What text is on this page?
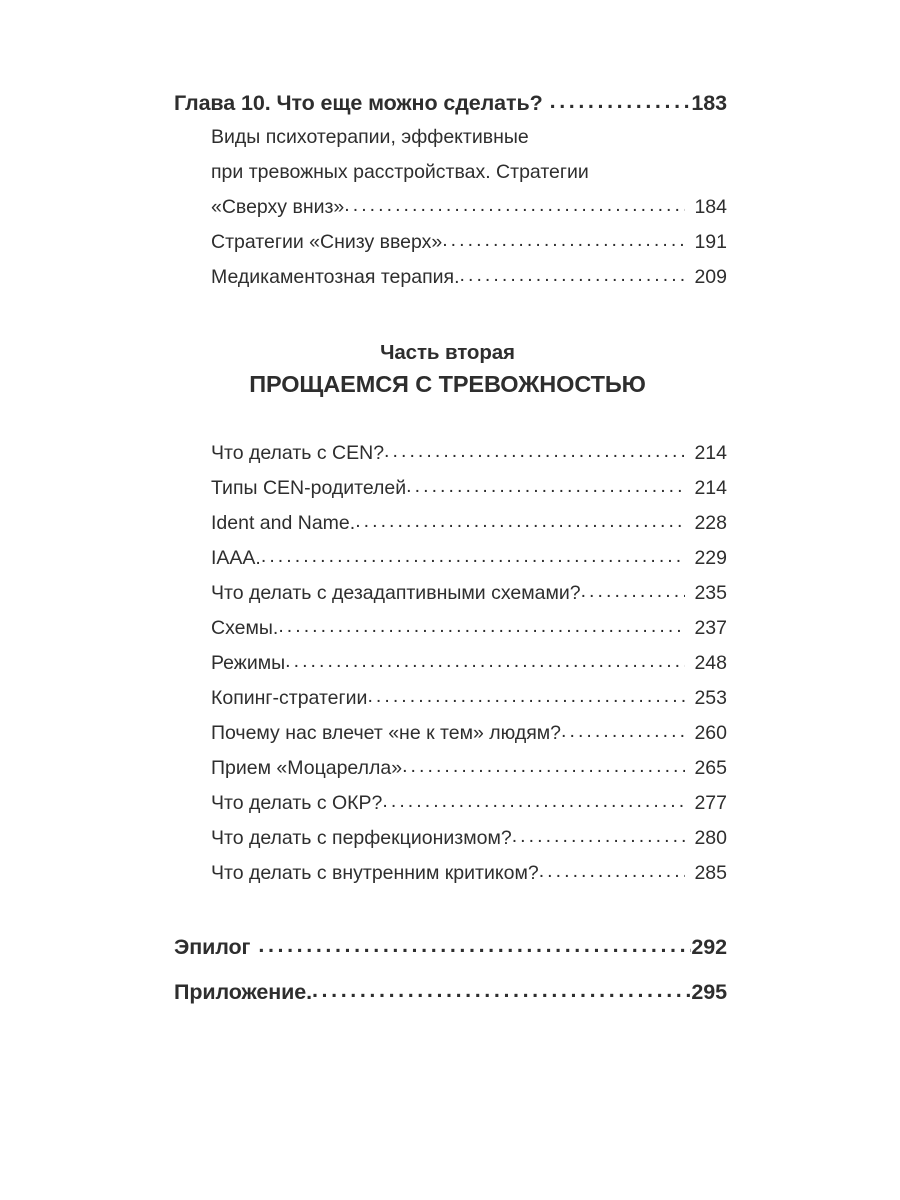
Глава 10. Что еще можно сделать? .....	183
Виды психотерапии, эффективные
при тревожных расстройствах. Стратегии
«Сверху вниз» .....	184
Стратегии «Снизу вверх» .....	191
Медикаментозная терапия. .....	209
Часть вторая
ПРОЩАЕМСЯ С ТРЕВОЖНОСТЬЮ
Что делать с CEN? .....	214
Типы CEN-родителей .....	214
Ident and Name. .....	228
IAAA. .....	229
Что делать с дезадаптивными схемами? .....	235
Схемы. .....	237
Режимы .....	248
Копинг-стратегии .....	253
Почему нас влечет «не к тем» людям? .....	260
Прием «Моцарелла» .....	265
Что делать с ОКР? .....	277
Что делать с перфекционизмом? .....	280
Что делать с внутренним критиком? .....	285
Эпилог .....	292
Приложение. .....	295
